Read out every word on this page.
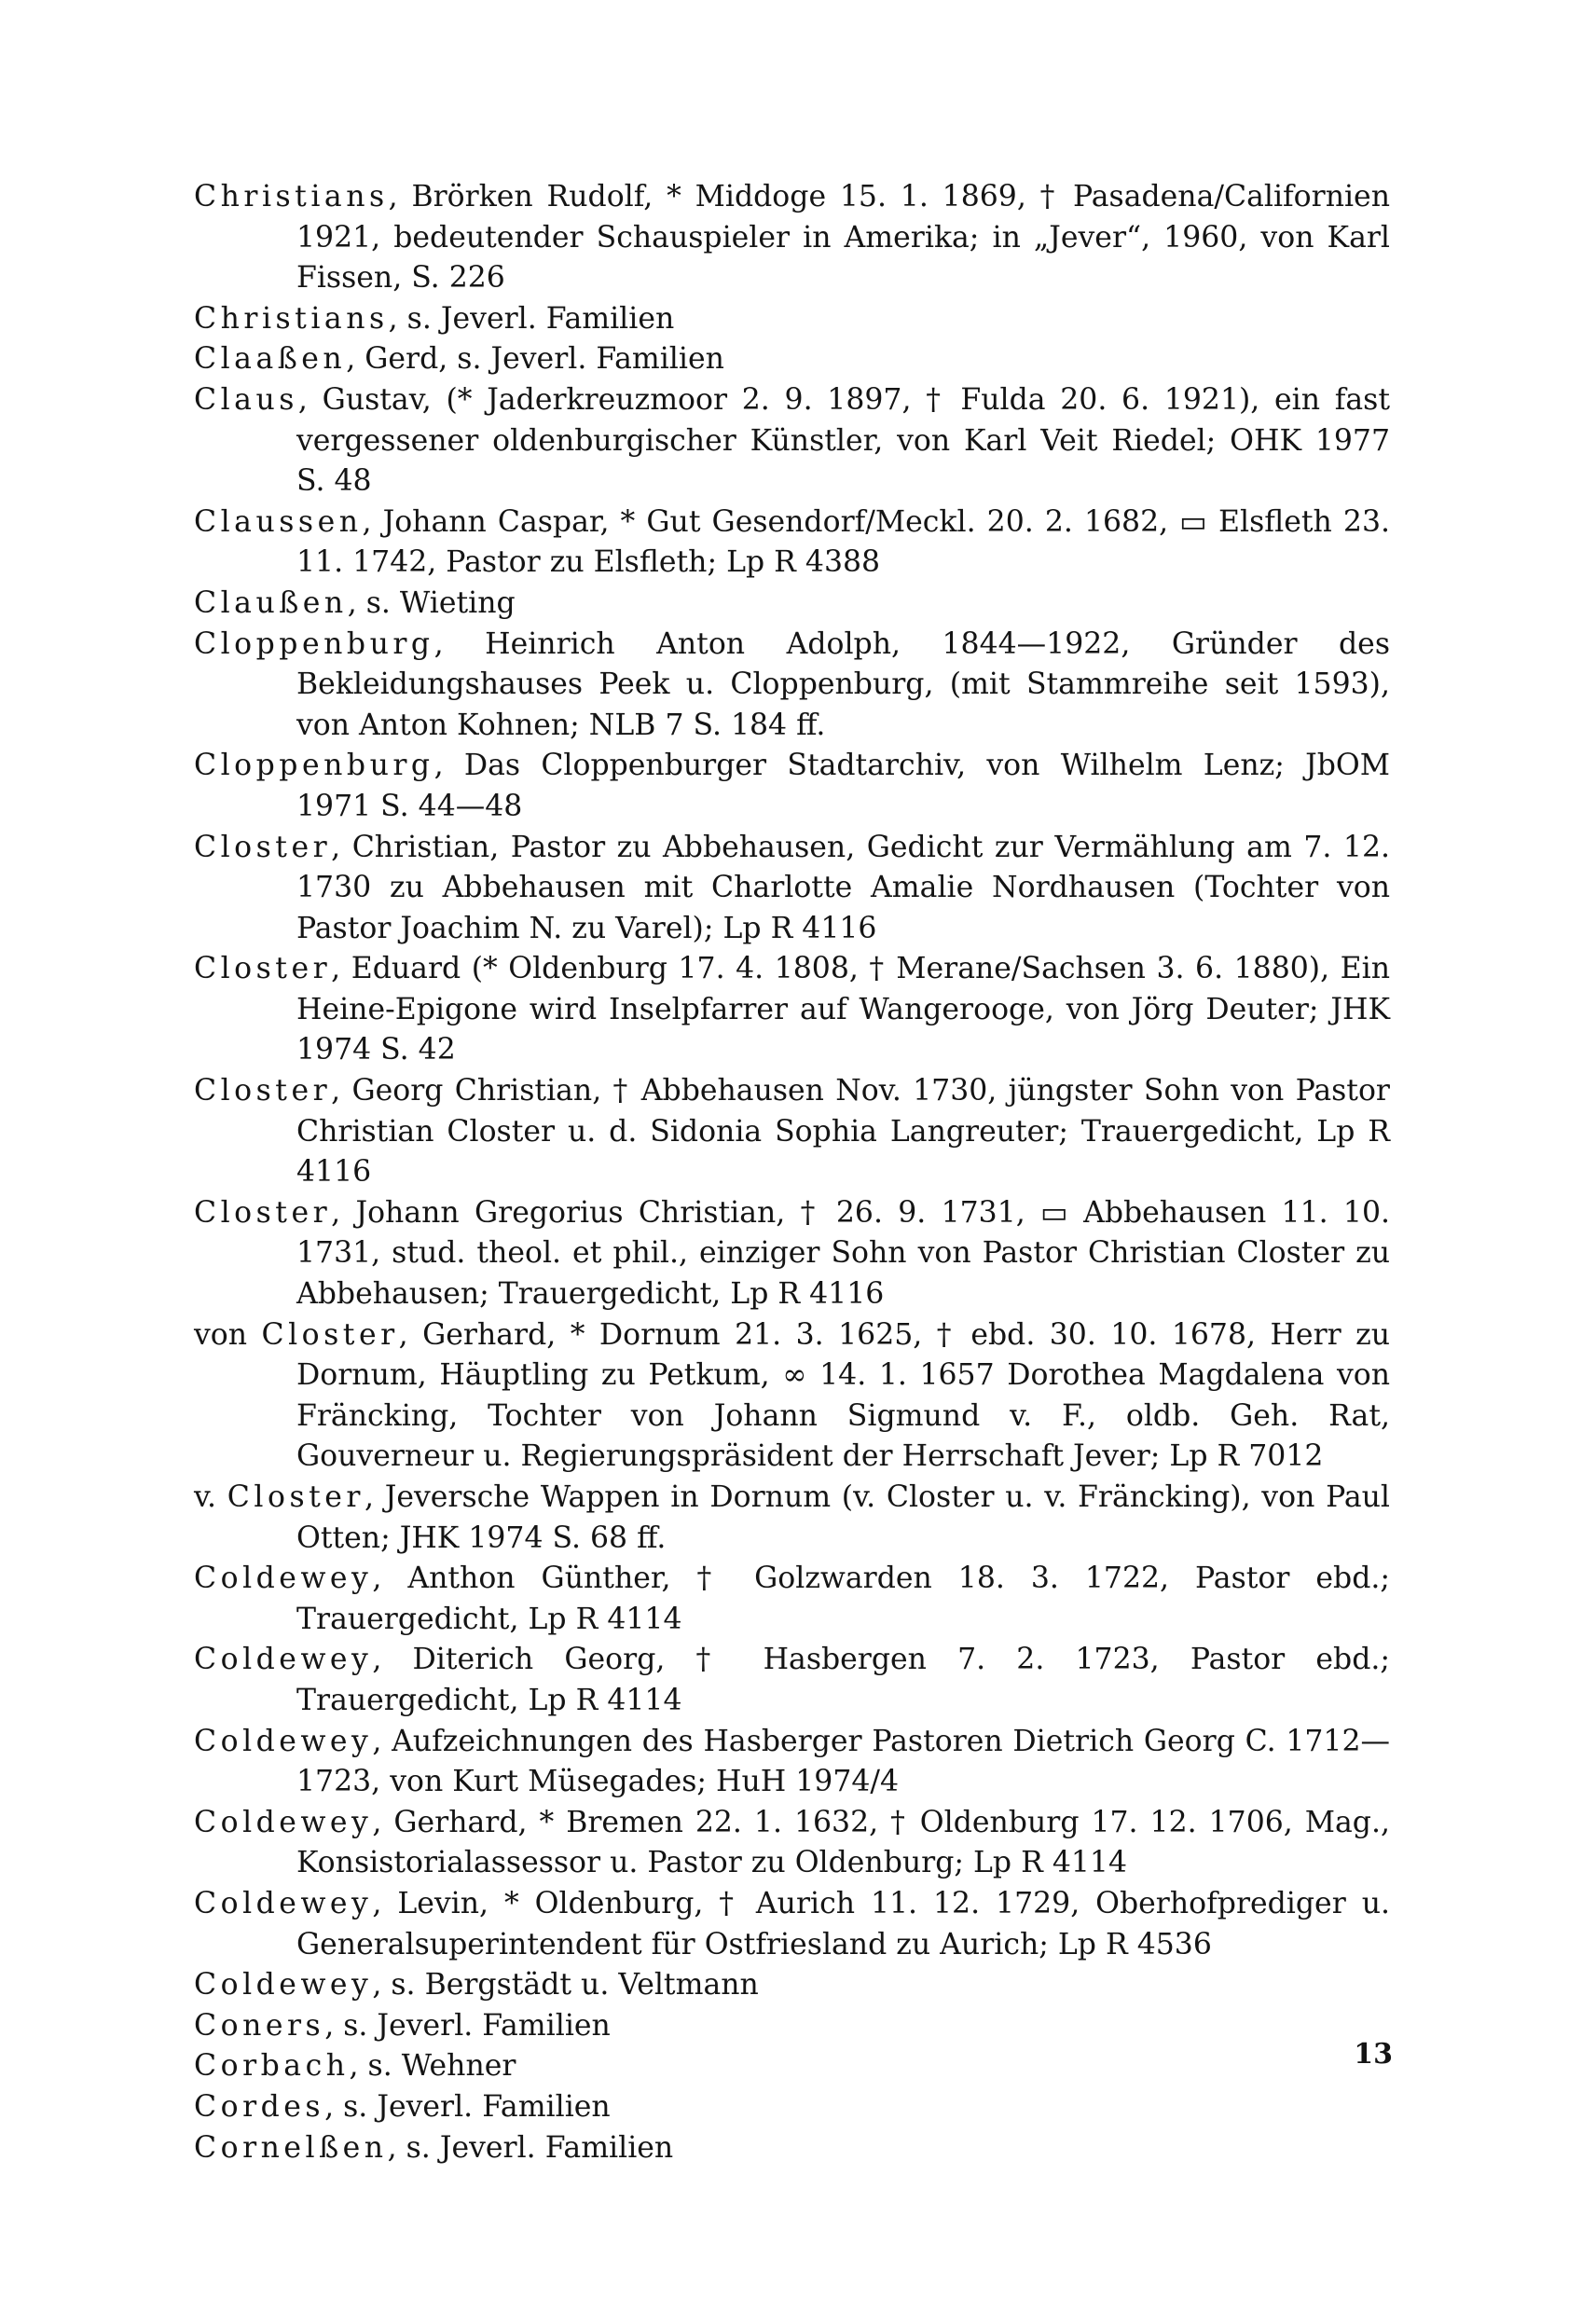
Christians, Brörken Rudolf, * Middoge 15. 1. 1869, † Pasadena/Californien 1921, bedeutender Schauspieler in Amerika; in „Jever“, 1960, von Karl Fissen, S. 226

Christians, s. Jeverl. Familien

Claaßen, Gerd, s. Jeverl. Familien

Claus, Gustav, (* Jaderkreuzmoor 2. 9. 1897, † Fulda 20. 6. 1921), ein fast vergessener oldenburgischer Künstler, von Karl Veit Riedel; OHK 1977 S. 48

Claussen, Johann Caspar, * Gut Gesendorf/Meckl. 20. 2. 1682, ▭ Elsfleth 23. 11. 1742, Pastor zu Elsfleth; Lp R 4388

Claußen, s. Wieting

Cloppenburg, Heinrich Anton Adolph, 1844—1922, Gründer des Bekleidungshauses Peek u. Cloppenburg, (mit Stammreihe seit 1593), von Anton Kohnen; NLB 7 S. 184 ff.

Cloppenburg, Das Cloppenburger Stadtarchiv, von Wilhelm Lenz; JbOM 1971 S. 44—48

Closter, Christian, Pastor zu Abbehausen, Gedicht zur Vermählung am 7. 12. 1730 zu Abbehausen mit Charlotte Amalie Nordhausen (Tochter von Pastor Joachim N. zu Varel); Lp R 4116

Closter, Eduard (* Oldenburg 17. 4. 1808, † Merane/Sachsen 3. 6. 1880), Ein Heine-Epigone wird Inselpfarrer auf Wangerooge, von Jörg Deuter; JHK 1974 S. 42

Closter, Georg Christian, † Abbehausen Nov. 1730, jüngster Sohn von Pastor Christian Closter u. d. Sidonia Sophia Langreuter; Trauergedicht, Lp R 4116

Closter, Johann Gregorius Christian, † 26. 9. 1731, ▭ Abbehausen 11. 10. 1731, stud. theol. et phil., einziger Sohn von Pastor Christian Closter zu Abbehausen; Trauergedicht, Lp R 4116

von Closter, Gerhard, * Dornum 21. 3. 1625, † ebd. 30. 10. 1678, Herr zu Dornum, Häuptling zu Petkum, ∞ 14. 1. 1657 Dorothea Magdalena von Fräncking, Tochter von Johann Sigmund v. F., oldb. Geh. Rat, Gouverneur u. Regierungspräsident der Herrschaft Jever; Lp R 7012

v. Closter, Jeversche Wappen in Dornum (v. Closter u. v. Fräncking), von Paul Otten; JHK 1974 S. 68 ff.

Coldewey, Anthon Günther, † Golzwarden 18. 3. 1722, Pastor ebd.; Trauergedicht, Lp R 4114

Coldewey, Diterich Georg, † Hasbergen 7. 2. 1723, Pastor ebd.; Trauergedicht, Lp R 4114

Coldewey, Aufzeichnungen des Hasberger Pastoren Dietrich Georg C. 1712—1723, von Kurt Müsegades; HuH 1974/4

Coldewey, Gerhard, * Bremen 22. 1. 1632, † Oldenburg 17. 12. 1706, Mag., Konsistorialassessor u. Pastor zu Oldenburg; Lp R 4114

Coldewey, Levin, * Oldenburg, † Aurich 11. 12. 1729, Oberhofprediger u. Generalsuperintendent für Ostfriesland zu Aurich; Lp R 4536

Coldewey, s. Bergstädt u. Veltmann

Coners, s. Jeverl. Familien

Corbach, s. Wehner

Cordes, s. Jeverl. Familien

Cornelßen, s. Jeverl. Familien

13
